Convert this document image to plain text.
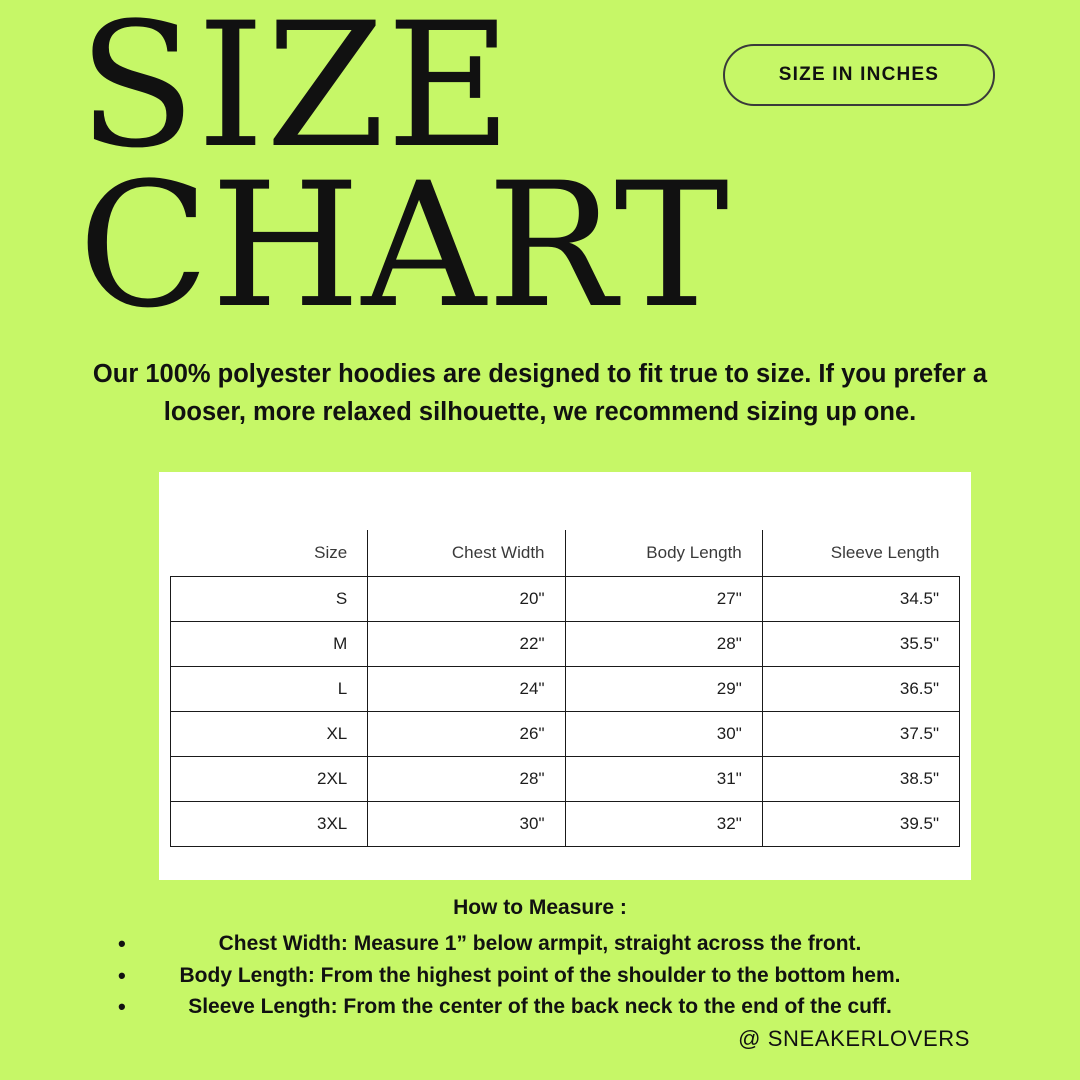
SIZE
CHART
SIZE IN INCHES
Our 100% polyester hoodies are designed to fit true to size. If you prefer a looser, more relaxed silhouette, we recommend sizing up one.
Size	Chest Width	Body Length	Sleeve Length
S	20"	27"	34.5"
M	22"	28"	35.5"
L	24"	29"	36.5"
XL	26"	30"	37.5"
2XL	28"	31"	38.5"
3XL	30"	32"	39.5"
How to Measure :
•	Chest Width: Measure 1” below armpit, straight across the front.
•	Body Length: From the highest point of the shoulder to the bottom hem.
•	Sleeve Length: From the center of the back neck to the end of the cuff.
@ SNEAKERLOVERS
